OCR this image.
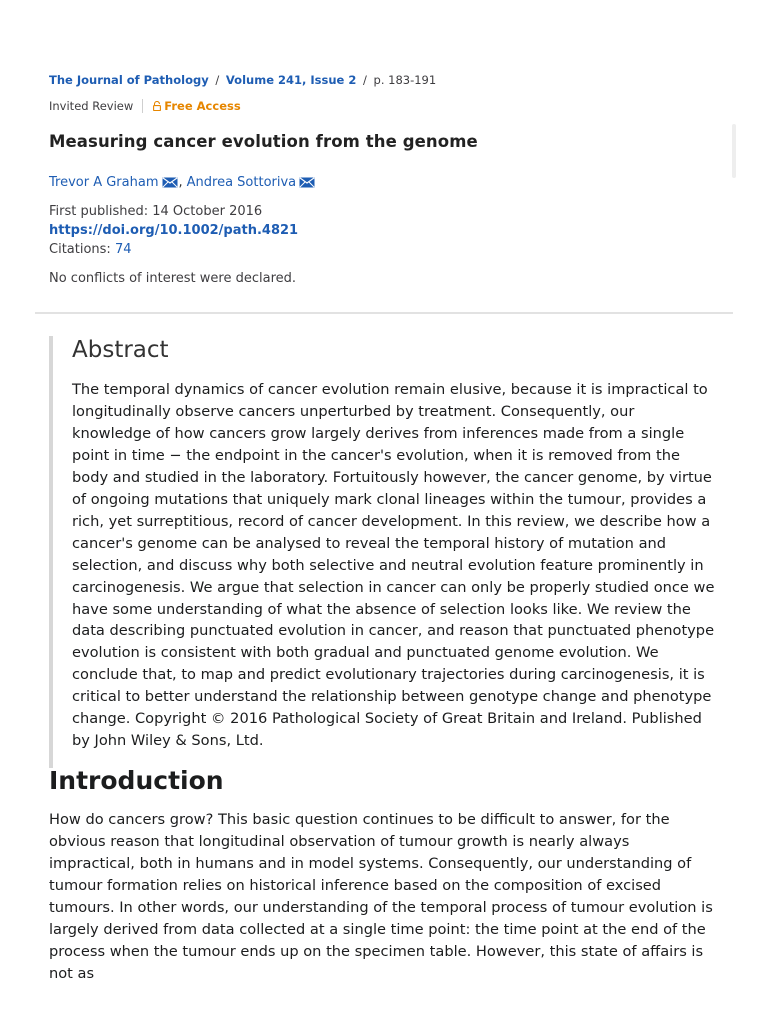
The Journal of Pathology / Volume 241, Issue 2 / p. 183-191
Invited Review	Free Access
Measuring cancer evolution from the genome
Trevor A Graham , Andrea Sottoriva
First published: 14 October 2016
https://doi.org/10.1002/path.4821
Citations: 74
No conflicts of interest were declared.
Abstract

The temporal dynamics of cancer evolution remain elusive, because it is impractical to longitudinally observe cancers unperturbed by treatment. Consequently, our knowledge of how cancers grow largely derives from inferences made from a single point in time − the endpoint in the cancer's evolution, when it is removed from the body and studied in the laboratory. Fortuitously however, the cancer genome, by virtue of ongoing mutations that uniquely mark clonal lineages within the tumour, provides a rich, yet surreptitious, record of cancer development. In this review, we describe how a cancer's genome can be analysed to reveal the temporal history of mutation and selection, and discuss why both selective and neutral evolution feature prominently in carcinogenesis. We argue that selection in cancer can only be properly studied once we have some understanding of what the absence of selection looks like. We review the data describing punctuated evolution in cancer, and reason that punctuated phenotype evolution is consistent with both gradual and punctuated genome evolution. We conclude that, to map and predict evolutionary trajectories during carcinogenesis, it is critical to better understand the relationship between genotype change and phenotype change. Copyright © 2016 Pathological Society of Great Britain and Ireland. Published by John Wiley & Sons, Ltd.

Introduction

How do cancers grow? This basic question continues to be difficult to answer, for the obvious reason that longitudinal observation of tumour growth is nearly always impractical, both in humans and in model systems. Consequently, our understanding of tumour formation relies on historical inference based on the composition of excised tumours. In other words, our understanding of the temporal process of tumour evolution is largely derived from data collected at a single time point: the time point at the end of the process when the tumour ends up on the specimen table. However, this state of affairs is not as
